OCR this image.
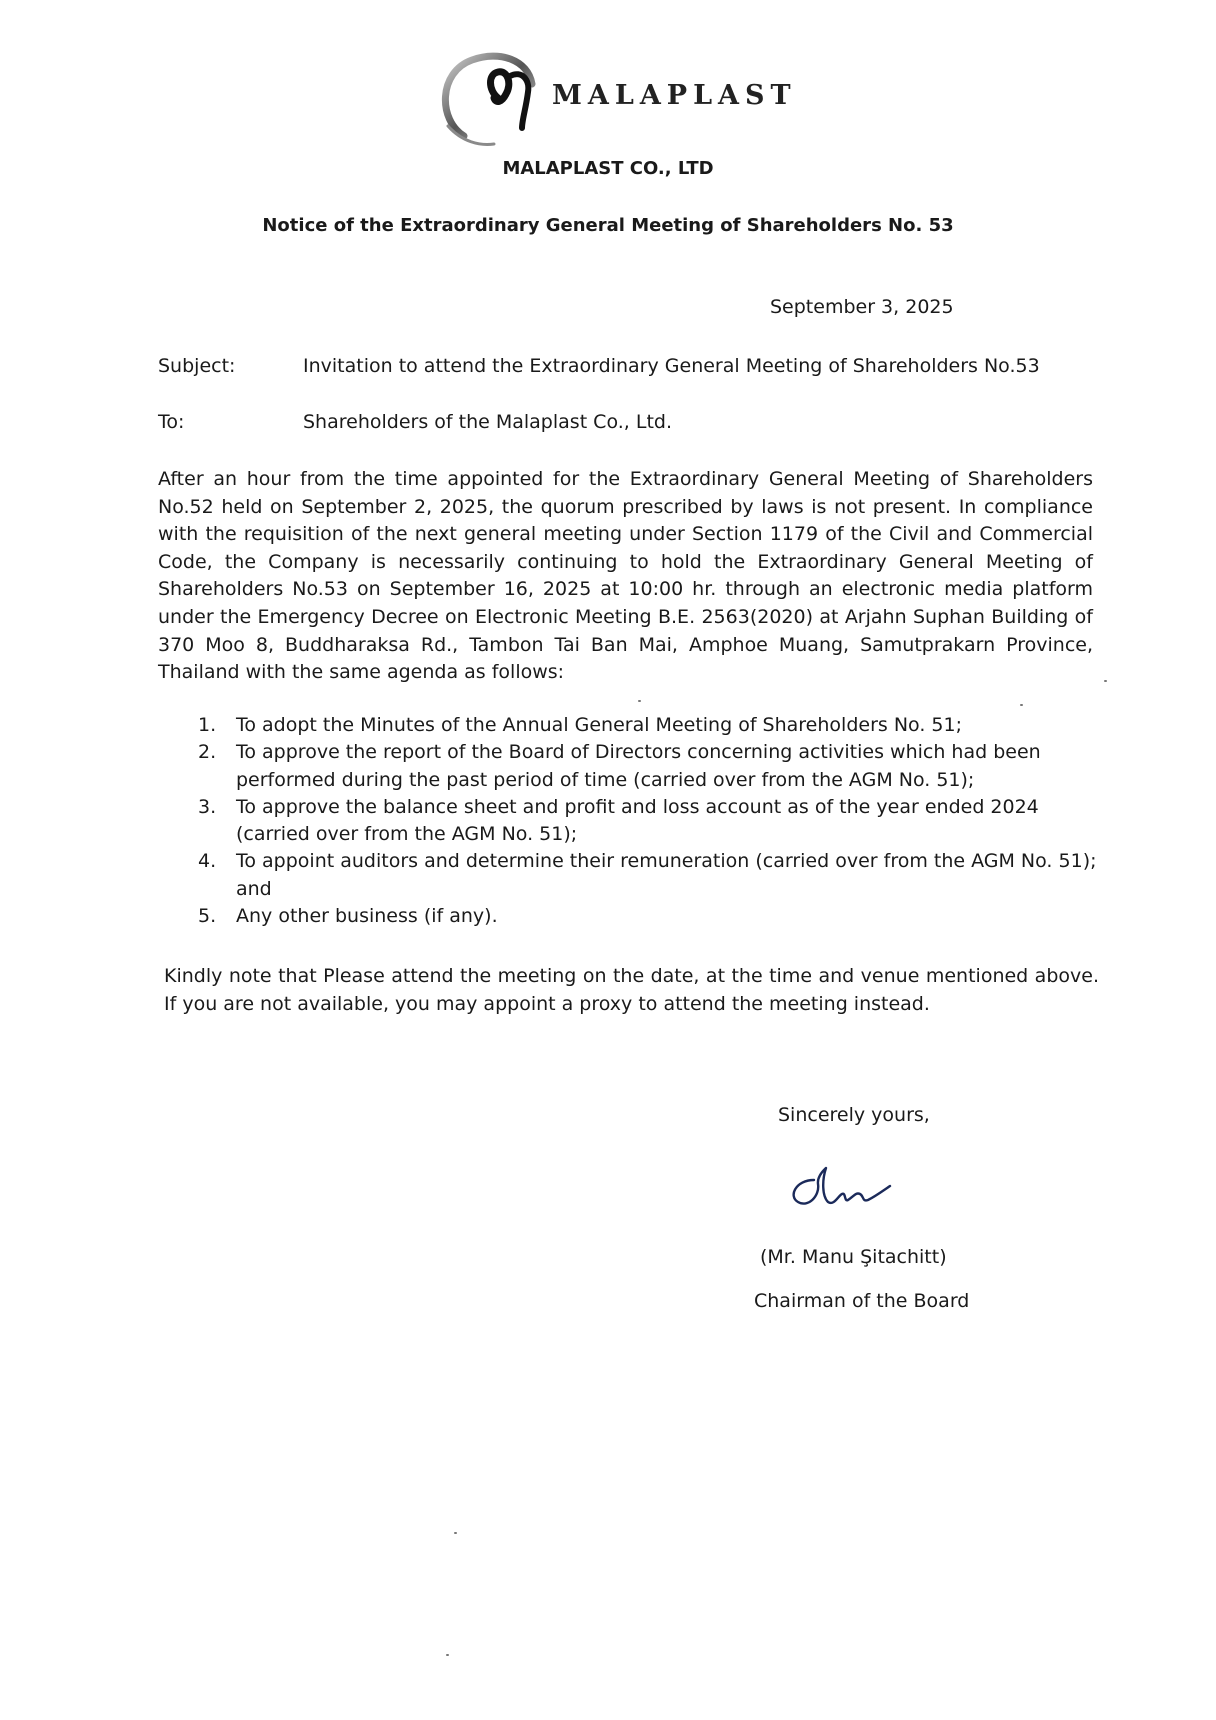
MALAPLAST
MALAPLAST CO., LTD
Notice of the Extraordinary General Meeting of Shareholders No. 53
September 3, 2025
Subject:	Invitation to attend the Extraordinary General Meeting of Shareholders No.53
To:	Shareholders of the Malaplast Co., Ltd.

After an hour from the time appointed for the Extraordinary General Meeting of Shareholders No.52 held on September 2, 2025, the quorum prescribed by laws is not present. In compliance with the requisition of the next general meeting under Section 1179 of the Civil and Commercial Code, the Company is necessarily continuing to hold the Extraordinary General Meeting of Shareholders No.53 on September 16, 2025 at 10:00 hr. through an electronic media platform under the Emergency Decree on Electronic Meeting B.E. 2563(2020) at Arjahn Suphan Building of 370 Moo 8, Buddharaksa Rd., Tambon Tai Ban Mai, Amphoe Muang, Samutprakarn Province, Thailand with the same agenda as follows:

1. To adopt the Minutes of the Annual General Meeting of Shareholders No. 51;
2. To approve the report of the Board of Directors concerning activities which had been performed during the past period of time (carried over from the AGM No. 51);
3. To approve the balance sheet and profit and loss account as of the year ended 2024 (carried over from the AGM No. 51);
4. To appoint auditors and determine their remuneration (carried over from the AGM No. 51); and
5. Any other business (if any).

Kindly note that Please attend the meeting on the date, at the time and venue mentioned above. If you are not available, you may appoint a proxy to attend the meeting instead.

Sincerely yours,
(Mr. Manu Şitachitt)
Chairman of the Board
